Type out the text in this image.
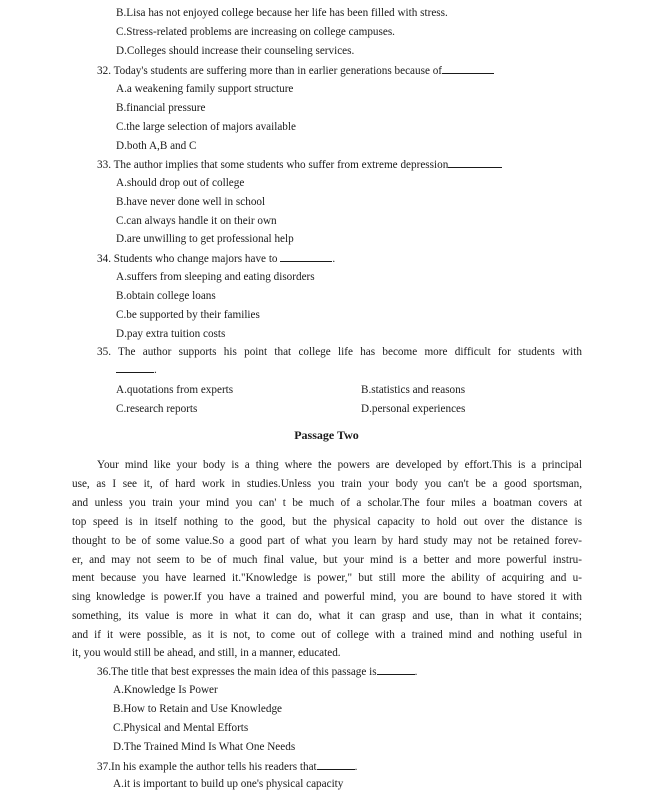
B.Lisa has not enjoyed college because her life has been filled with stress.
C.Stress-related problems are increasing on college campuses.
D.Colleges should increase their counseling services.
32. Today's students are suffering more than in earlier generations because of
A.a weakening family support structure
B.financial pressure
C.the large selection of majors available
D.both A,B and C
33. The author implies that some students who suffer from extreme depression
A.should drop out of college
B.have never done well in school
C.can always handle it on their own
D.are unwilling to get professional help
34. Students who change majors have to	.
A.suffers from sleeping and eating disorders
B.obtain college loans
C.be supported by their families
D.pay extra tuition costs
35. The author supports his point that college life has become more difficult for students with
.
A.quotations from experts	B.statistics and reasons
C.research reports	D.personal experiences
Passage Two
Your mind like your body is a thing where the powers are developed by effort.This is a principal
use, as I see it, of hard work in studies.Unless you train your body you can't be a good sportsman,
and unless you train your mind you can' t be much of a scholar.The four miles a boatman covers at
top speed is in itself nothing to the good, but the physical capacity to hold out over the distance is
thought to be of some value.So a good part of what you learn by hard study may not be retained forev-
er, and may not seem to be of much final value, but your mind is a better and more powerful instru-
ment because you have learned it."Knowledge is power," but still more the ability of acquiring and u-
sing knowledge is power.If you have a trained and powerful mind, you are bound to have stored it with
something, its value is more in what it can do, what it can grasp and use, than in what it contains;
and if it were possible, as it is not, to come out of college with a trained mind and nothing useful in
it, you would still be ahead, and still, in a manner, educated.
36.The title that best expresses the main idea of this passage is	.
A.Knowledge Is Power
B.How to Retain and Use Knowledge
C.Physical and Mental Efforts
D.The Trained Mind Is What One Needs
37.In his example the author tells his readers that	.
A.it is important to build up one's physical capacity
